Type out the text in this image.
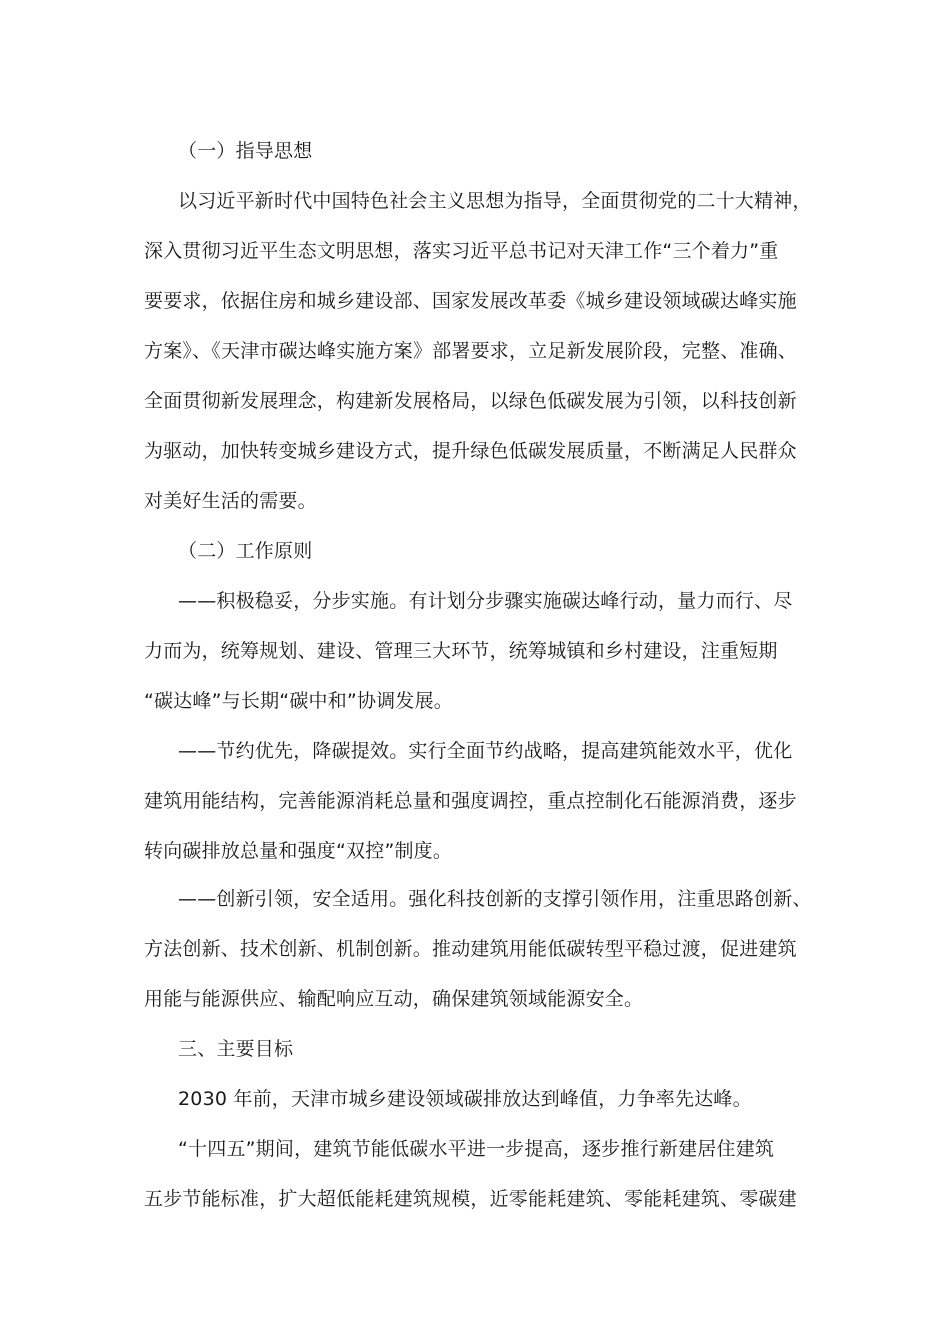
（一）指导思想
以习近平新时代中国特色社会主义思想为指导，全面贯彻党的二十大精神，
深入贯彻习近平生态文明思想，落实习近平总书记对天津工作“三个着力”重
要要求，依据住房和城乡建设部、国家发展改革委《城乡建设领域碳达峰实施
方案》、《天津市碳达峰实施方案》部署要求，立足新发展阶段，完整、准确、
全面贯彻新发展理念，构建新发展格局，以绿色低碳发展为引领，以科技创新
为驱动，加快转变城乡建设方式，提升绿色低碳发展质量，不断满足人民群众
对美好生活的需要。
（二）工作原则
——积极稳妥，分步实施。有计划分步骤实施碳达峰行动，量力而行、尽
力而为，统筹规划、建设、管理三大环节，统筹城镇和乡村建设，注重短期
“碳达峰”与长期“碳中和”协调发展。
——节约优先，降碳提效。实行全面节约战略，提高建筑能效水平，优化
建筑用能结构，完善能源消耗总量和强度调控，重点控制化石能源消费，逐步
转向碳排放总量和强度“双控”制度。
——创新引领，安全适用。强化科技创新的支撑引领作用，注重思路创新、
方法创新、技术创新、机制创新。推动建筑用能低碳转型平稳过渡，促进建筑
用能与能源供应、输配响应互动，确保建筑领域能源安全。
三、主要目标
2030 年前，天津市城乡建设领域碳排放达到峰值，力争率先达峰。
“十四五”期间，建筑节能低碳水平进一步提高，逐步推行新建居住建筑
五步节能标准，扩大超低能耗建筑规模，近零能耗建筑、零能耗建筑、零碳建
